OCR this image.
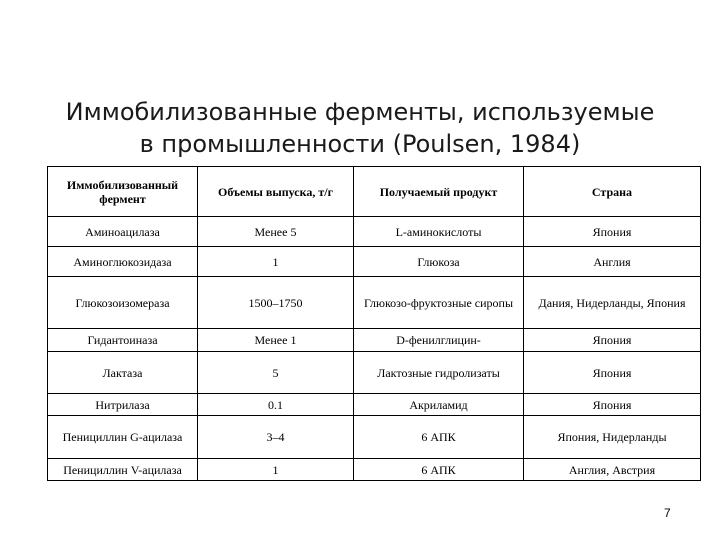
Иммобилизованные ферменты, используемые
в промышленности (Poulsen, 1984)
Иммобилизованный фермент	Объемы выпуска, т/г	Получаемый продукт	Страна
Аминоацилаза	Менее 5	L-аминокислоты	Япония
Аминоглюкозидаза	1	Глюкоза	Англия
Глюкозоизомераза	1500–1750	Глюкозо-фруктозные сиропы	Дания, Нидерланды, Япония
Гидантоиназа	Менее 1	D-фенилглицин-	Япония
Лактаза	5	Лактозные гидролизаты	Япония
Нитрилаза	0.1	Акриламид	Япония
Пенициллин G-ацилаза	3–4	6 АПК	Япония, Нидерланды
Пенициллин V-ацилаза	1	6 АПК	Англия, Австрия
7
